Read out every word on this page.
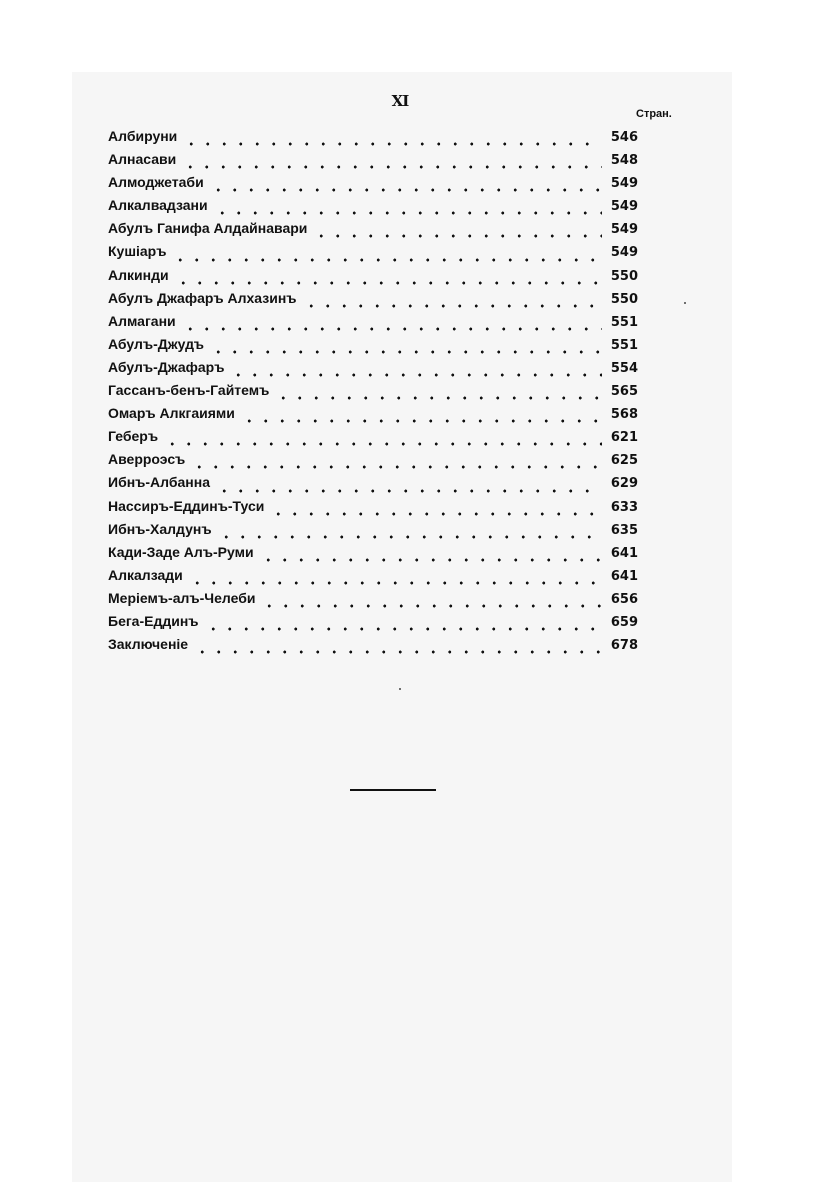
XI
Стран.
Албируни	546
Алнасави	548
Алмоджетаби	549
Алкалвадзани	549
Абулъ Ганифа Алдайнавари	549
Кушіаръ	549
Алкинди	550
Абулъ Джафаръ Алхазинъ	550
Алмагани	551
Абулъ-Джудъ	551
Абулъ-Джафаръ	554
Гассанъ-бенъ-Гайтемъ	565
Омаръ Алкгаиями	568
Геберъ	621
Аверроэсъ	625
Ибнъ-Албанна	629
Нассиръ-Еддинъ-Туси	633
Ибнъ-Халдунъ	635
Кади-Заде Алъ-Руми	641
Алкалзади	641
Меріемъ-алъ-Челеби	656
Бега-Еддинъ	659
Заключеніе	678
